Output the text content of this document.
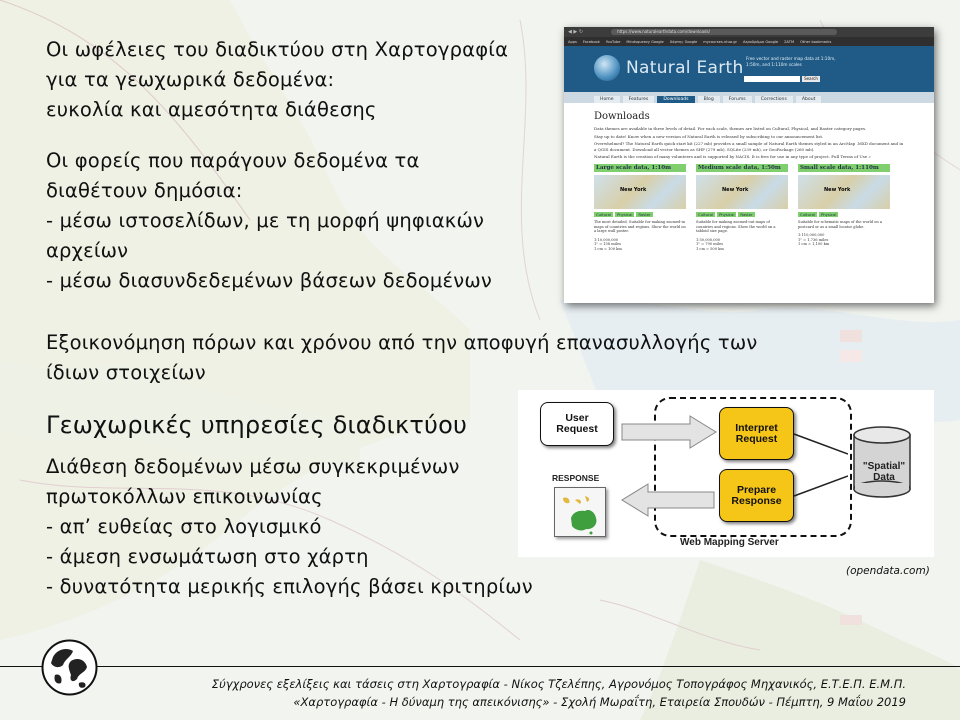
Οι ωφέλειες του διαδικτύου στη Χαρτογραφία
για τα γεωχωρικά δεδομένα:
ευκολία και αμεσότητα διάθεσης
Οι φορείς που παράγουν δεδομένα τα
διαθέτουν δημόσια:
- μέσω ιστοσελίδων, με τη μορφή ψηφιακών
αρχείων
- μέσω διασυνδεδεμένων βάσεων δεδομένων
Εξοικονόμηση πόρων και χρόνου από την αποφυγή επανασυλλογής των
ίδιων στοιχείων
Γεωχωρικές υπηρεσίες διαδικτύου
Διάθεση δεδομένων μέσω συγκεκριμένων
πρωτοκόλλων επικοινωνίας
- απ’ ευθείας στο λογισμικό
- άμεση ενσωμάτωση στο χάρτη
- δυνατότητα μερικής επιλογής βάσει κριτηρίων
◀ ▶ ↻	https://www.naturalearthdata.com/downloads/
Apps Facebook YouTube Mindsqueezy Google Χάρτης Google mycourses.ntua.gr Αεροδρόμιο Google ΣΑΤΜ Other bookmarks
Natural Earth Free vector and raster map data at 1:10m, 1:50m, and 1:110m scales
Search
Home	Features	Downloads	Blog	Forums	Corrections	About
Downloads
Data themes are available in three levels of detail. For each scale, themes are listed on Cultural, Physical, and Raster category pages.
Stay up to date! Know when a new version of Natural Earth is released by subscribing to our announcement list.
Overwhelmed? The Natural Earth quick start kit (227 mb) provides a small sample of Natural Earth themes styled in an ArcMap .MXD document and in a QGIS document. Download all vector themes as SHP (279 mb), SQLite (239 mb), or GeoPackage (260 mb).
Natural Earth is the creation of many volunteers and is supported by NACIS. It is free for use in any type of project. Full Terms of Use »
Large scale data, 1:10m
New York
Cultural	Physical	Raster
The most detailed. Suitable for making zoomed-in maps of countries and regions. Show the world on a large wall poster.
1:10,000,000
1" = 158 miles
1 cm = 100 km
Medium scale data, 1:50m
New York
Cultural	Physical	Raster
Suitable for making zoomed-out maps of countries and regions. Show the world on a tabloid size page.
1:50,000,000
1" = 790 miles
1 cm = 500 km
Small scale data, 1:110m
New York
Cultural	Physical
Suitable for schematic maps of the world on a postcard or as a small locator globe.
1:110,000,000
1" = 1,736 miles
1 cm = 1,100 km
User Request	Interpret Request
Prepare Response
"Spatial" Data
RESPONSE
Web Mapping Server
(opendata.com)
Σύγχρονες εξελίξεις και τάσεις στη Χαρτογραφία - Νίκος Τζελέπης, Αγρονόμος Τοπογράφος Μηχανικός, Ε.Τ.Ε.Π. Ε.Μ.Π.
«Χαρτογραφία - Η δύναμη της απεικόνισης» - Σχολή Μωραΐτη, Εταιρεία Σπουδών - Πέμπτη, 9 Μαΐου 2019
